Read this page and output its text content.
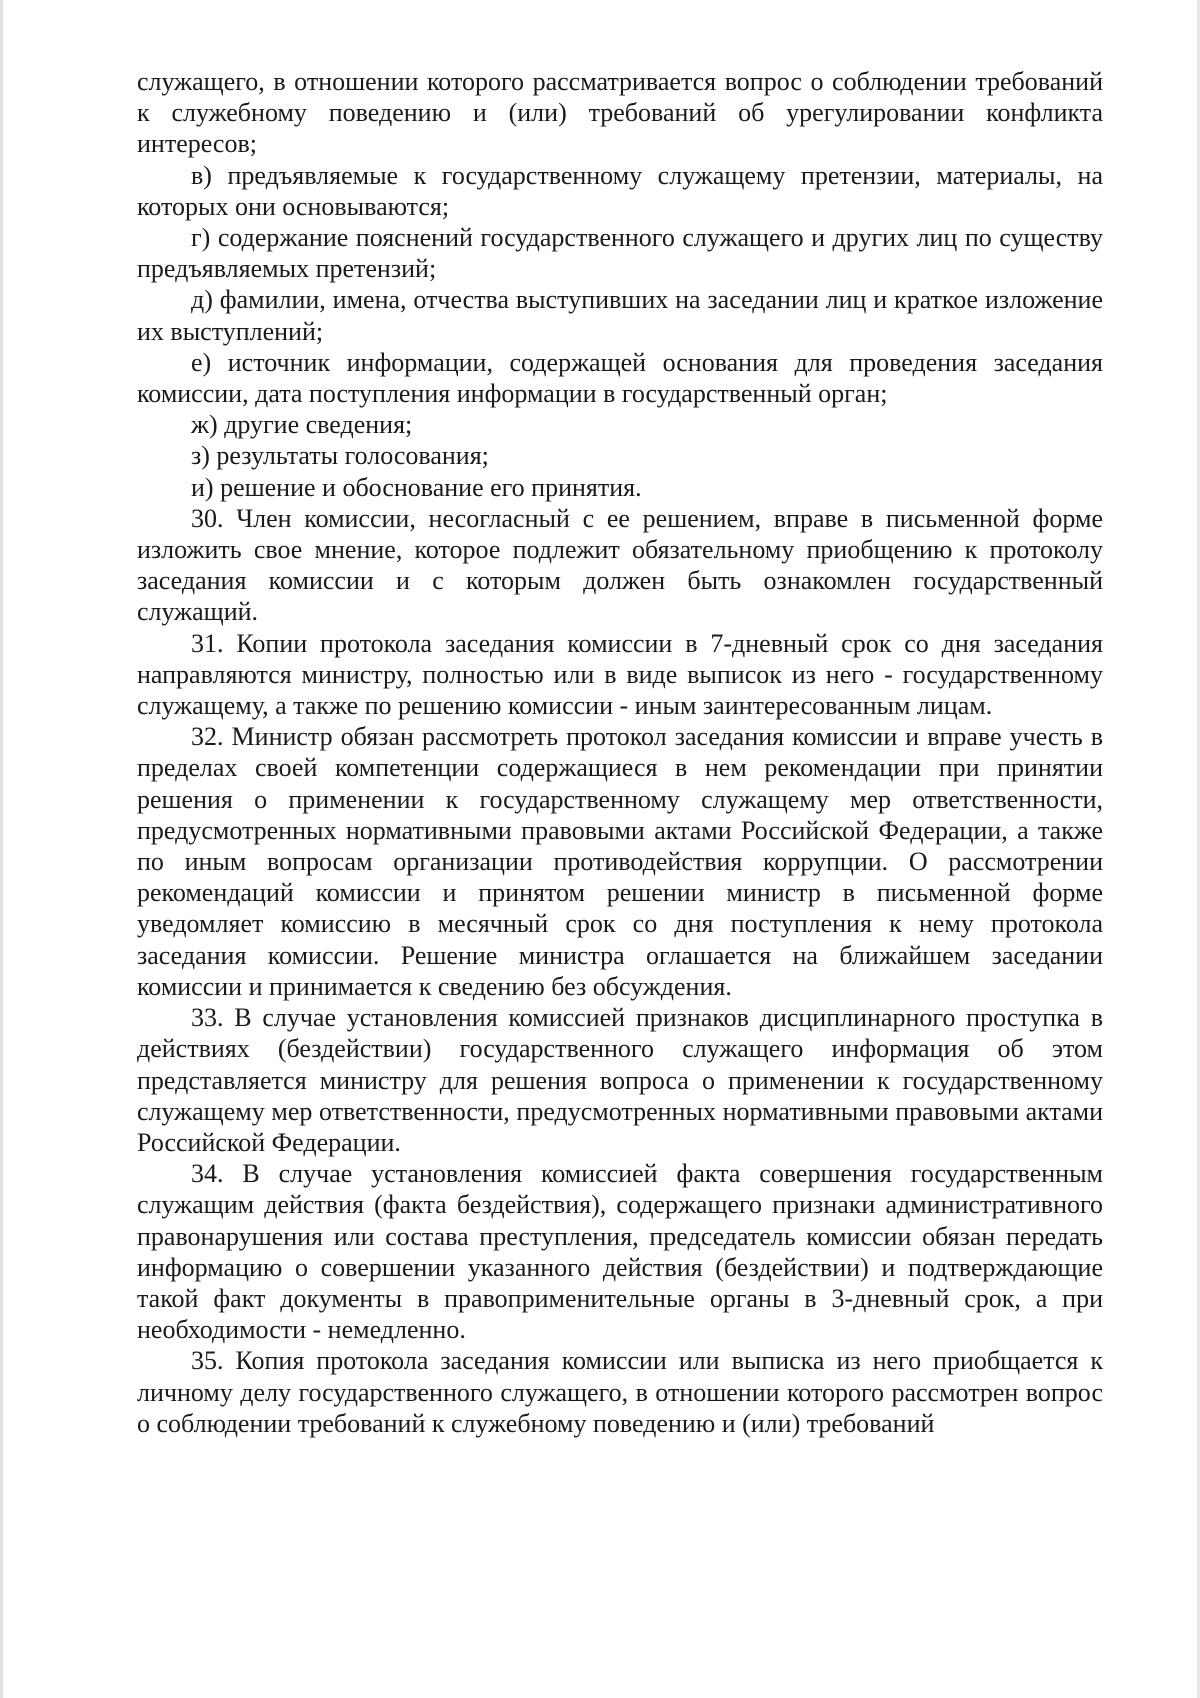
служащего, в отношении которого рассматривается вопрос о соблюдении требований к служебному поведению и (или) требований об урегулировании конфликта интересов;

в) предъявляемые к государственному служащему претензии, материалы, на которых они основываются;

г) содержание пояснений государственного служащего и других лиц по существу предъявляемых претензий;

д) фамилии, имена, отчества выступивших на заседании лиц и краткое изложение их выступлений;

е) источник информации, содержащей основания для проведения заседания комиссии, дата поступления информации в государственный орган;

ж) другие сведения;

з) результаты голосования;

и) решение и обоснование его принятия.

30. Член комиссии, несогласный с ее решением, вправе в письменной форме изложить свое мнение, которое подлежит обязательному приобщению к протоколу заседания комиссии и с которым должен быть ознакомлен государственный служащий.

31. Копии протокола заседания комиссии в 7-дневный срок со дня заседания направляются министру, полностью или в виде выписок из него - государственному служащему, а также по решению комиссии - иным заинтересованным лицам.

32. Министр обязан рассмотреть протокол заседания комиссии и вправе учесть в пределах своей компетенции содержащиеся в нем рекомендации при принятии решения о применении к государственному служащему мер ответственности, предусмотренных нормативными правовыми актами Российской Федерации, а также по иным вопросам организации противодействия коррупции. О рассмотрении рекомендаций комиссии и принятом решении министр в письменной форме уведомляет комиссию в месячный срок со дня поступления к нему протокола заседания комиссии. Решение министра оглашается на ближайшем заседании комиссии и принимается к сведению без обсуждения.

33. В случае установления комиссией признаков дисциплинарного проступка в действиях (бездействии) государственного служащего информация об этом представляется министру для решения вопроса о применении к государственному служащему мер ответственности, предусмотренных нормативными правовыми актами Российской Федерации.

34. В случае установления комиссией факта совершения государственным служащим действия (факта бездействия), содержащего признаки административного правонарушения или состава преступления, председатель комиссии обязан передать информацию о совершении указанного действия (бездействии) и подтверждающие такой факт документы в правоприменительные органы в 3-дневный срок, а при необходимости - немедленно.

35. Копия протокола заседания комиссии или выписка из него приобщается к личному делу государственного служащего, в отношении которого рассмотрен вопрос о соблюдении требований к служебному поведению и (или) требований
